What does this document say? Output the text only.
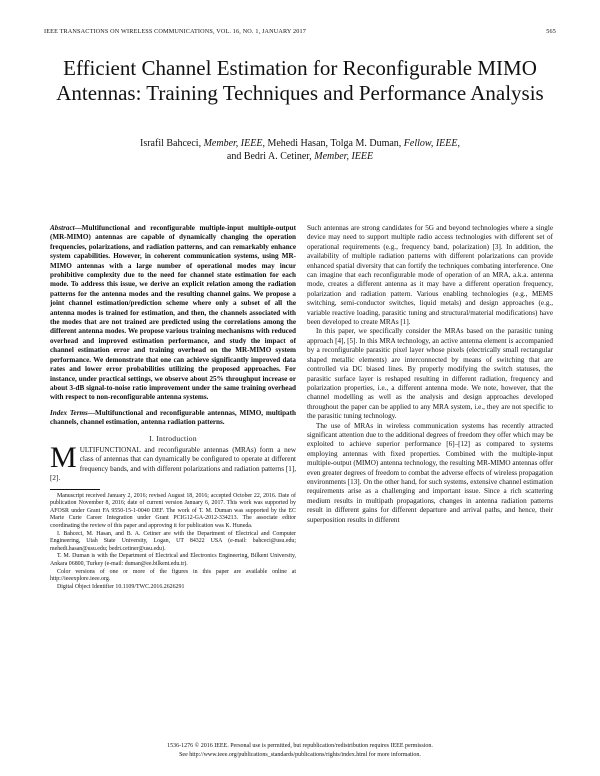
IEEE TRANSACTIONS ON WIRELESS COMMUNICATIONS, VOL. 16, NO. 1, JANUARY 2017	565
Efficient Channel Estimation for Reconfigurable MIMO Antennas: Training Techniques and Performance Analysis
Israfil Bahceci, Member, IEEE, Mehedi Hasan, Tolga M. Duman, Fellow, IEEE,
and Bedri A. Cetiner, Member, IEEE

Abstract—Multifunctional and reconfigurable multiple-input multiple-output (MR-MIMO) antennas are capable of dynamically changing the operation frequencies, polarizations, and radiation patterns, and can remarkably enhance system capabilities. However, in coherent communication systems, using MR-MIMO antennas with a large number of operational modes may incur prohibitive complexity due to the need for channel state estimation for each mode. To address this issue, we derive an explicit relation among the radiation patterns for the antenna modes and the resulting channel gains. We propose a joint channel estimation/prediction scheme where only a subset of all the antenna modes is trained for estimation, and then, the channels associated with the modes that are not trained are predicted using the correlations among the different antenna modes. We propose various training mechanisms with reduced overhead and improved estimation performance, and study the impact of channel estimation error and training overhead on the MR-MIMO system performance. We demonstrate that one can achieve significantly improved data rates and lower error probabilities utilizing the proposed approaches. For instance, under practical settings, we observe about 25% throughput increase or about 3-dB signal-to-noise ratio improvement under the same training overhead with respect to non-reconfigurable antenna systems.

Index Terms—Multifunctional and reconfigurable antennas, MIMO, multipath channels, channel estimation, antenna radiation patterns.

I. Introduction

MULTIFUNCTIONAL and reconfigurable antennas (MRAs) form a new class of antennas that can dynamically be configured to operate at different frequency bands, and with different polarizations and radiation patterns [1], [2].

Manuscript received January 2, 2016; revised August 18, 2016; accepted October 22, 2016. Date of publication November 8, 2016; date of current version January 6, 2017. This work was supported by AFOSR under Grant FA 9550-15-1-0040 DEF. The work of T. M. Duman was supported by the EC Marie Curie Career Integration under Grant PCIG12-GA-2012-334213. The associate editor coordinating the review of this paper and approving it for publication was K. Huneda.

I. Bahceci, M. Hasan, and B. A. Cetiner are with the Department of Electrical and Computer Engineering, Utah State University, Logan, UT 84322 USA (e-mail: bahceci@usu.edu; mehedi.hasan@usu.edu; bedri.cetiner@usu.edu).

T. M. Duman is with the Department of Electrical and Electronics Engineering, Bilkent University, Ankara 06800, Turkey (e-mail: duman@ee.bilkent.edu.tr).

Color versions of one or more of the figures in this paper are available online at http://ieeexplore.ieee.org.

Digital Object Identifier 10.1109/TWC.2016.2626291

Such antennas are strong candidates for 5G and beyond technologies where a single device may need to support multiple radio access technologies with different set of operational requirements (e.g., frequency band, polarization) [3]. In addition, the availability of multiple radiation patterns with different polarizations can provide enhanced spatial diversity that can fortify the techniques combating interference. One can imagine that each reconfigurable mode of operation of an MRA, a.k.a. antenna mode, creates a different antenna as it may have a different operation frequency, polarization and radiation pattern. Various enabling technologies (e.g., MEMS switching, semi-conductor switches, liquid metals) and design approaches (e.g., variable reactive loading, parasitic tuning and structural/material modifications) have been developed to create MRAs [1].

In this paper, we specifically consider the MRAs based on the parasitic tuning approach [4], [5]. In this MRA technology, an active antenna element is accompanied by a reconfigurable parasitic pixel layer whose pixels (electrically small rectangular shaped metallic elements) are interconnected by means of switching that are controlled via DC biased lines. By properly modifying the switch statuses, the parasitic surface layer is reshaped resulting in different radiation, frequency and polarization properties, i.e., a different antenna mode. We note, however, that the channel modelling as well as the analysis and design approaches developed throughout the paper can be applied to any MRA system, i.e., they are not specific to the parasitic tuning technology.

The use of MRAs in wireless communication systems has recently attracted significant attention due to the additional degrees of freedom they offer which may be exploited to achieve superior performance [6]–[12] as compared to systems employing antennas with fixed properties. Combined with the multiple-input multiple-output (MIMO) antenna technology, the resulting MR-MIMO antennas offer even greater degrees of freedom to combat the adverse effects of wireless propagation environments [13]. On the other hand, for such systems, extensive channel estimation requirements arise as a challenging and important issue. Since a rich scattering medium results in multipath propagations, changes in antenna radiation patterns result in different gains for different departure and arrival paths, and hence, their superposition results in different

1536-1276 © 2016 IEEE. Personal use is permitted, but republication/redistribution requires IEEE permission.
See http://www.ieee.org/publications_standards/publications/rights/index.html for more information.
